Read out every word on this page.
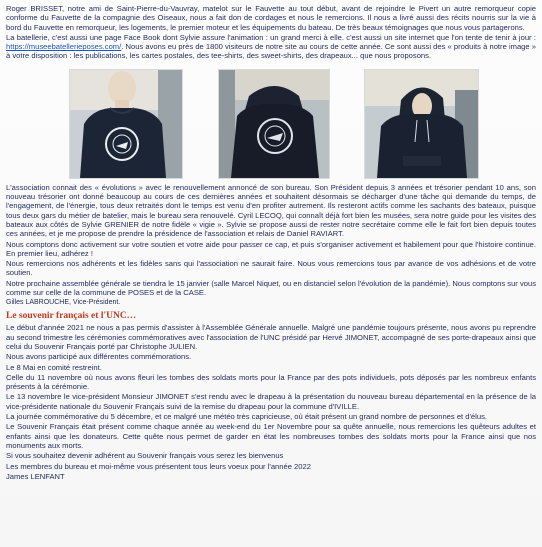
Roger BRISSET, notre ami de Saint-Pierre-du-Vauvray, matelot sur le Fauvette au tout début, avant de rejoindre le Pivert un autre remorqueur copie conforme du Fauvette de la compagnie des Oiseaux, nous a fait don de cordages et nous le remercions. Il nous a livré aussi des récits nourris sur la vie à bord du Fauvette en remorqueur, les logements, le premier moteur et les équipements du bateau. De très beaux témoignages que nous vous partagerons.

La batellerie, c'est aussi une page Face Book dont Sylvie assure l'animation : un grand merci à elle. c'est aussi un site internet que l'on tente de tenir à jour : https://museebatellerieposes.com/. Nous avons eu près de 1800 visiteurs de notre site au cours de cette année. Ce sont aussi des « produits à notre image » à votre disposition : les publications, les cartes postales, des tee-shirts, des sweet-shirts, des drapeaux... que nous proposons.

L'association connait des « évolutions » avec le renouvellement annoncé de son bureau. Son Président depuis 3 années et trésorier pendant 10 ans, son nouveau trésorier ont donné beaucoup au cours de ces dernières années et souhaitent désormais se décharger d'une tâche qui demande du temps, de l'engagement, de l'énergie, tous deux retraités dont le temps est venu d'en profiter autrement. Ils resteront actifs comme les sachants des bateaux, puisque tous deux gars du métier de batelier, mais le bureau sera renouvelé. Cyril LECOQ, qui connaît déjà fort bien les musées, sera notre guide pour les visites des bateaux aux côtés de Sylvie GRENIER de notre fidèle « vigie ». Sylvie se propose aussi de rester notre secrétaire comme elle le fait fort bien depuis toutes ces années, et je me propose de prendre la présidence de l'association et relais de Daniel RAVIART.

Nous comptons donc activement sur votre soutien et votre aide pour passer ce cap, et puis s'organiser activement et habilement pour que l'histoire continue. En premier lieu, adhérez !

Nous remercions nos adhérents et les fidèles sans qui l'association ne saurait faire. Nous vous remercions tous par avance de vos adhésions et de votre soutien.

Notre prochaine assemblée générale se tiendra le 15 janvier (salle Marcel Niquet, ou en distanciel selon l'évolution de la pandémie). Nous comptons sur vous comme sur celle de la commune de POSES et de la CASE.

Gilles LABROUCHE, Vice-Président.

Le souvenir français et l'UNC…

Le début d'année 2021 ne nous a pas permis d'assister à l'Assemblée Générale annuelle. Malgré une pandémie toujours présente, nous avons pu reprendre au second trimestre les cérémonies commémoratives avec l'association de l'UNC présidé par Hervé JIMONET, accompagné de ses porte-drapeaux ainsi que celui du Souvenir Français porté par Christophe JULIEN.

Nous avons participé aux différentes commémorations.

Le 8 Mai en comité restreint.

Celle du 11 novembre où nous avons fleuri les tombes des soldats morts pour la France par des pots individuels, pots déposés par les nombreux enfants présents à la cérémonie.

Le 13 novembre le vice-président Monsieur JIMONET s'est rendu avec le drapeau à la présentation du nouveau bureau départemental en la présence de la vice-présidente nationale du Souvenir Français suivi de la remise du drapeau pour la commune d'IVILLE.

La journée commémorative du 5 décembre, et ce malgré une météo très capricieuse, où était présent un grand nombre de personnes et d'élus.

Le Souvenir Français était présent comme chaque année au week-end du 1er Novembre pour sa quête annuelle, nous remercions les quêteurs adultes et enfants ainsi que les donateurs. Cette quête nous permet de garder en état les nombreuses tombes des soldats morts pour la France ainsi que nos monuments aux morts.

Si vous souhaitez devenir adhérent au Souvenir français vous serez les bienvenus

Les membres du bureau et moi-même vous présentent tous leurs voeux pour l'année 2022

James LENFANT
